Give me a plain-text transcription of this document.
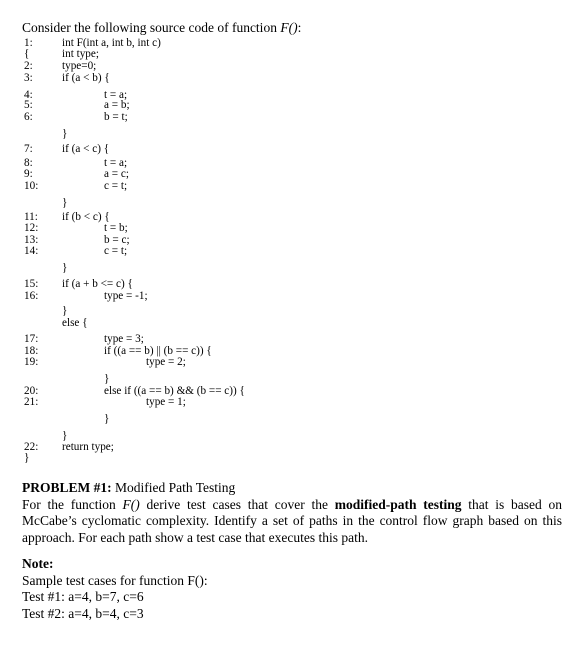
Consider the following source code of function F():
1:	int F(int a, int b, int c)
{	int type;
2:	type=0;
3:	if (a < b) {
4:	t = a;
5:	a = b;
6:	b = t;
}
7:	if (a < c) {
8:	t = a;
9:	a = c;
10:	c = t;
}
11: if (b < c) {
12:	t = b;
13:	b = c;
14:	c = t;
}
15: if (a + b <= c) {
16:	type = -1;
}
else {
17:	type = 3;
18:	if ((a == b) || (b == c)) {
19:	type = 2;
}
20:	else if ((a == b) && (b == c)) {
21:	type = 1;
}
}
22: return type;
}

PROBLEM #1: Modified Path Testing

For the function F() derive test cases that cover the modified-path testing that is based on McCabe’s cyclomatic complexity. Identify a set of paths in the control flow graph based on this approach. For each path show a test case that executes this path.

Note:

Sample test cases for function F():

Test #1: a=4, b=7, c=6

Test #2: a=4, b=4, c=3
